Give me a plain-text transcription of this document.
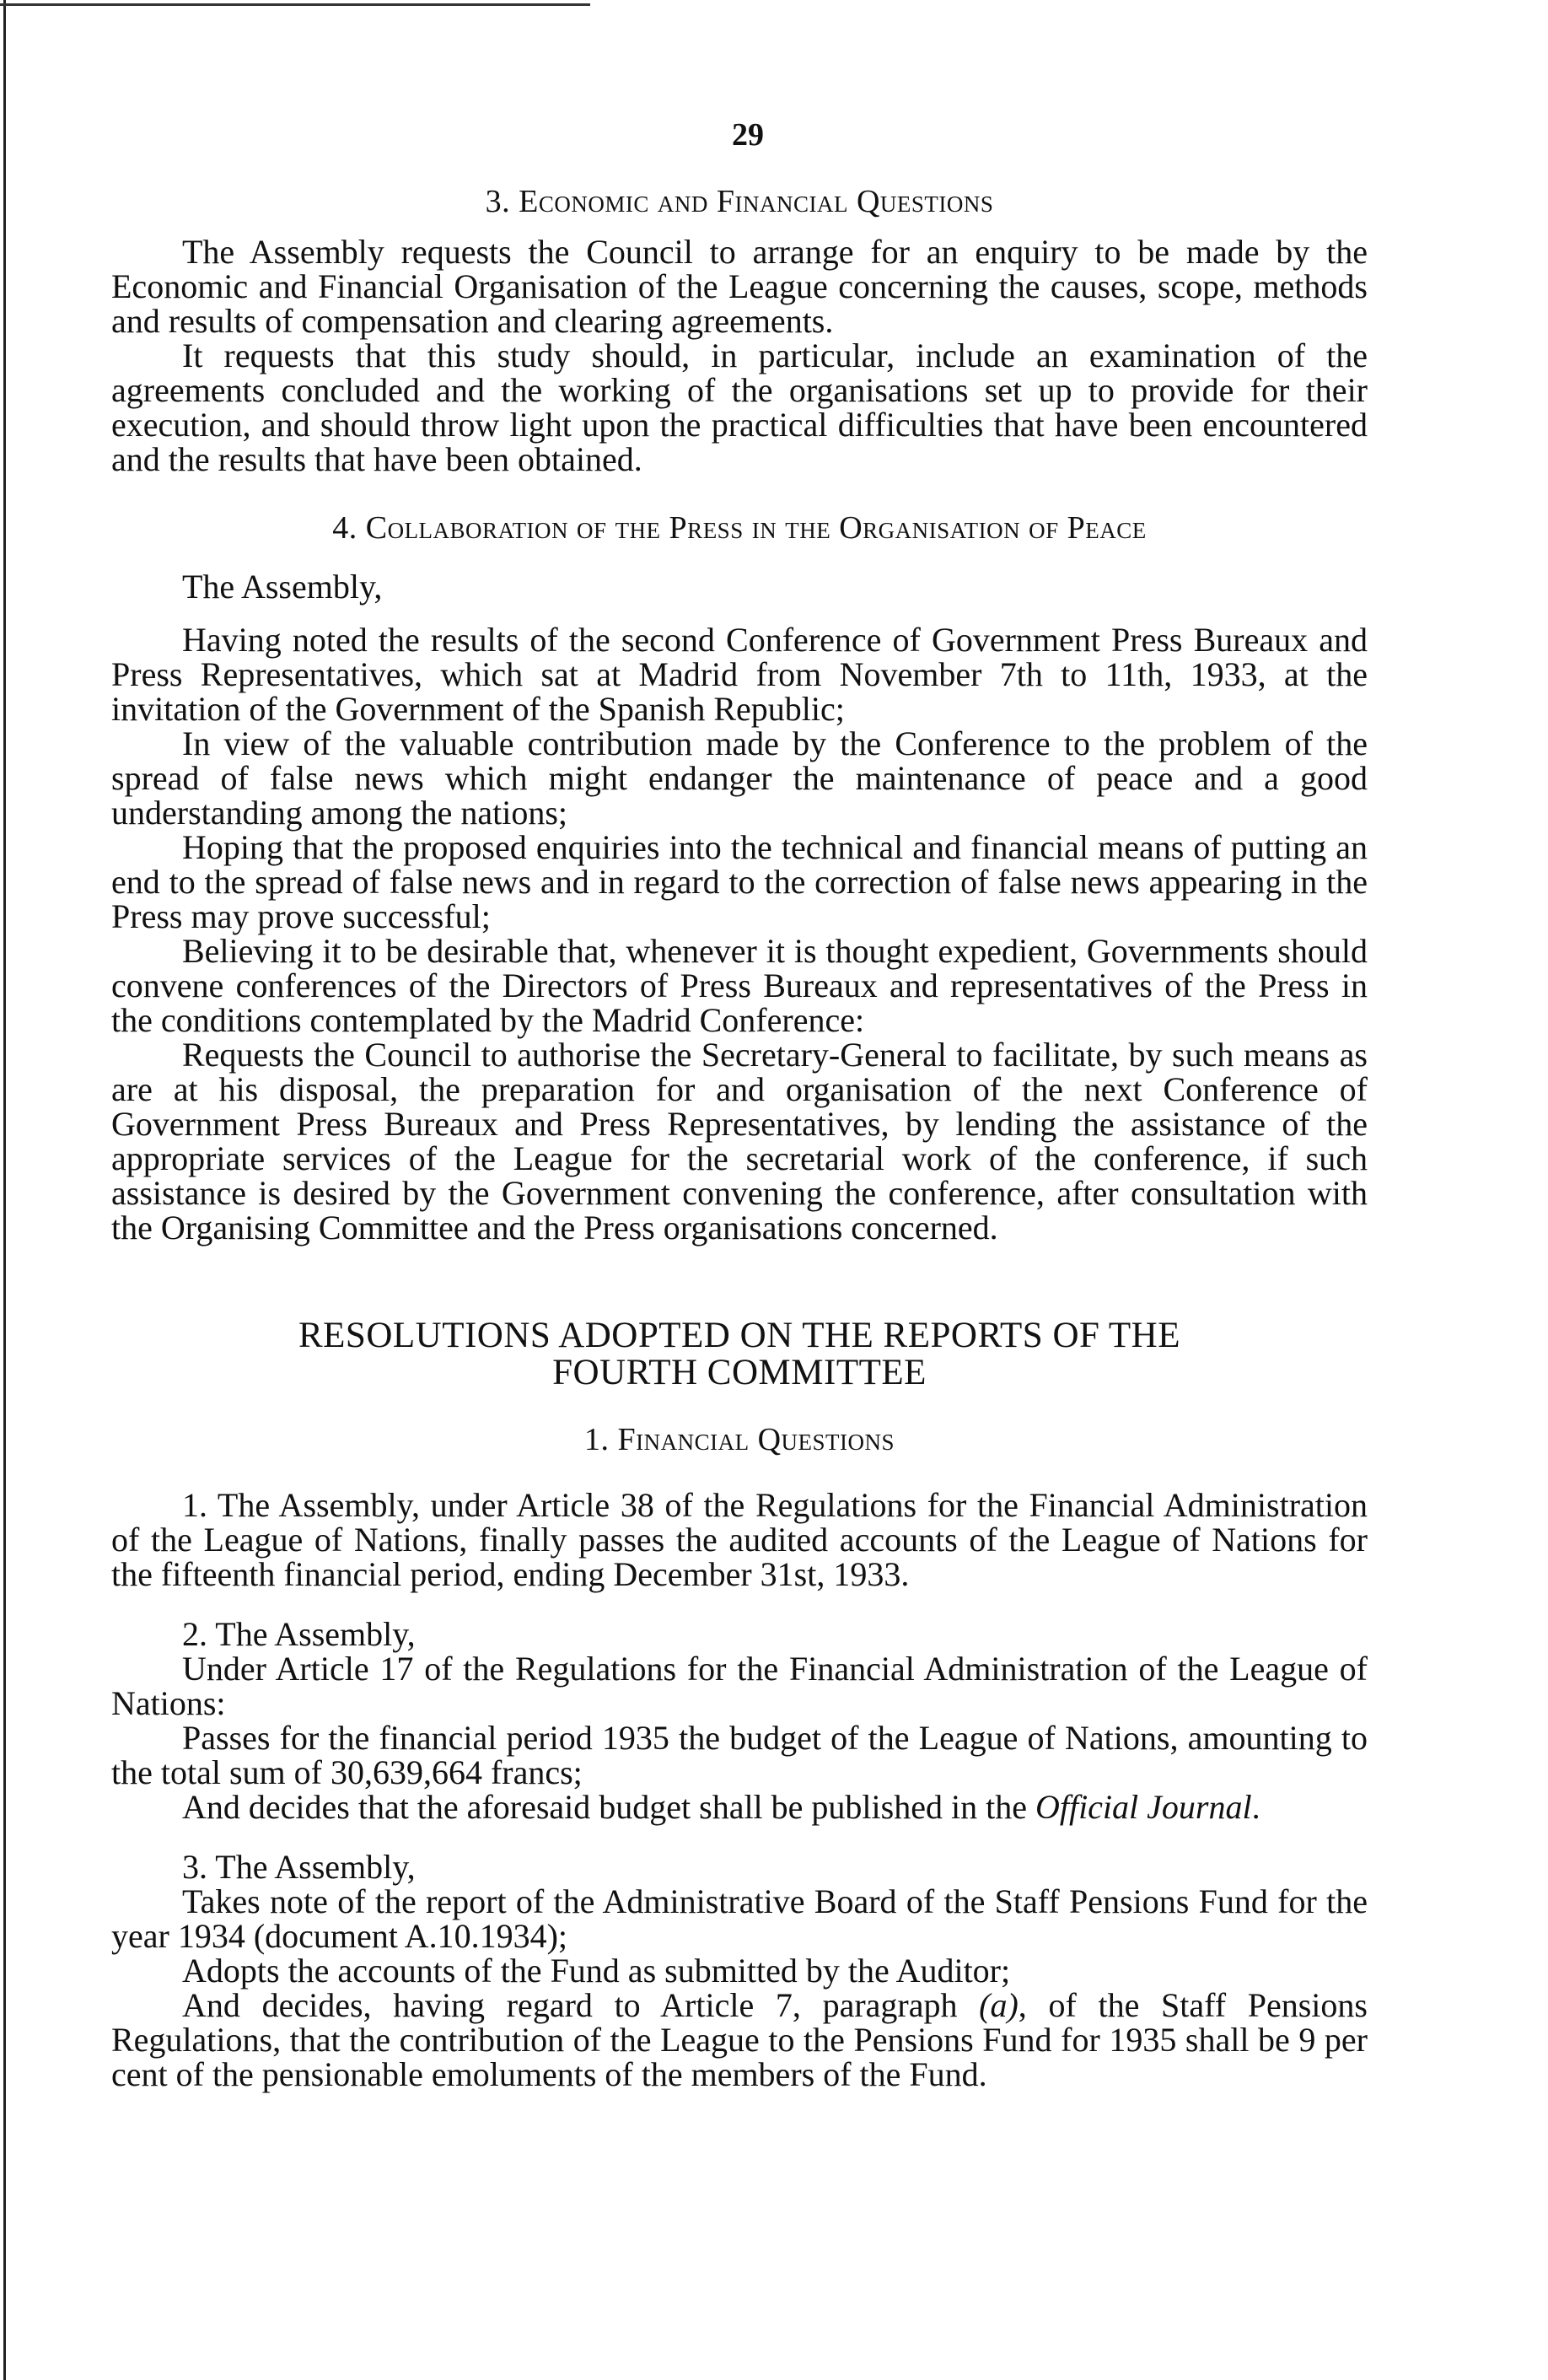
29
3. Economic and Financial Questions

The Assembly requests the Council to arrange for an enquiry to be made by the Economic and Financial Organisation of the League concerning the causes, scope, methods and results of compensation and clearing agreements.

It requests that this study should, in particular, include an examination of the agreements concluded and the working of the organisations set up to provide for their execution, and should throw light upon the practical difficulties that have been encountered and the results that have been obtained.

4. Collaboration of the Press in the Organisation of Peace

The Assembly,

Having noted the results of the second Conference of Government Press Bureaux and Press Representatives, which sat at Madrid from November 7th to 11th, 1933, at the invitation of the Government of the Spanish Republic;

In view of the valuable contribution made by the Conference to the problem of the spread of false news which might endanger the maintenance of peace and a good understanding among the nations;

Hoping that the proposed enquiries into the technical and financial means of putting an end to the spread of false news and in regard to the correction of false news appearing in the Press may prove successful;

Believing it to be desirable that, whenever it is thought expedient, Governments should convene conferences of the Directors of Press Bureaux and representatives of the Press in the conditions contemplated by the Madrid Conference:

Requests the Council to authorise the Secretary-General to facilitate, by such means as are at his disposal, the preparation for and organisation of the next Conference of Government Press Bureaux and Press Representatives, by lending the assistance of the appropriate services of the League for the secretarial work of the conference, if such assistance is desired by the Government convening the conference, after consultation with the Organising Committee and the Press organisations concerned.

RESOLUTIONS ADOPTED ON THE REPORTS OF THE
FOURTH COMMITTEE
1. Financial Questions

1. The Assembly, under Article 38 of the Regulations for the Financial Administration of the League of Nations, finally passes the audited accounts of the League of Nations for the fifteenth financial period, ending December 31st, 1933.

2. The Assembly,

Under Article 17 of the Regulations for the Financial Administration of the League of Nations:

Passes for the financial period 1935 the budget of the League of Nations, amounting to the total sum of 30,639,664 francs;

And decides that the aforesaid budget shall be published in the Official Journal.

3. The Assembly,

Takes note of the report of the Administrative Board of the Staff Pensions Fund for the year 1934 (document A.10.1934);

Adopts the accounts of the Fund as submitted by the Auditor;

And decides, having regard to Article 7, paragraph (a), of the Staff Pensions Regulations, that the contribution of the League to the Pensions Fund for 1935 shall be 9 per cent of the pensionable emoluments of the members of the Fund.
